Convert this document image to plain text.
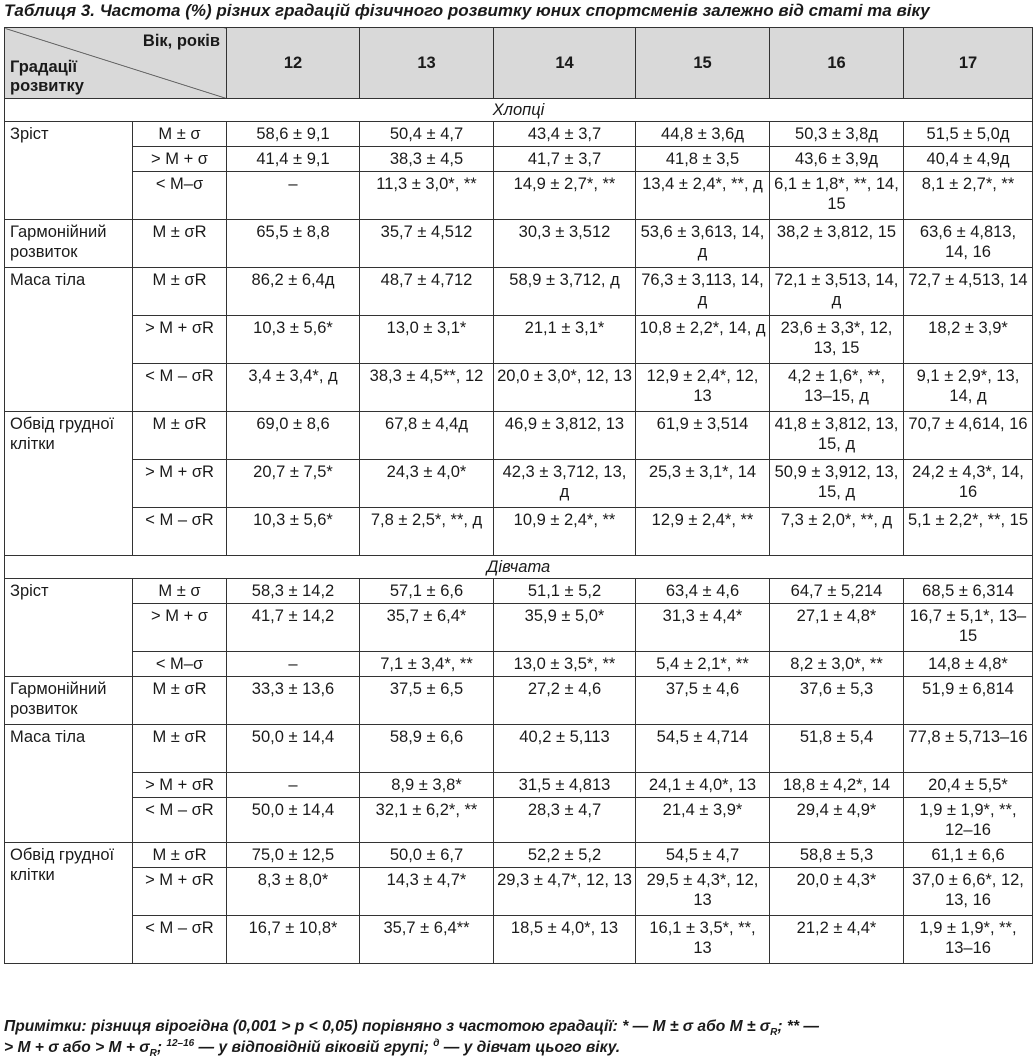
Таблиця 3. Частота (%) різних градацій фізичного розвитку юних спортсменів залежно від статі та віку
Вік, років
Градації
розвитку		12	13	14	15	16	17
Хлопці							
Зріст	M ± σ	58,6 ± 9,1	50,4 ± 4,7	43,4 ± 3,7	44,8 ± 3,6д	50,3 ± 3,8д	51,5 ± 5,0д
	> M + σ	41,4 ± 9,1	38,3 ± 4,5	41,7 ± 3,7	41,8 ± 3,5	43,6 ± 3,9д	40,4 ± 4,9д
	< M–σ	–	11,3 ± 3,0*, **	14,9 ± 2,7*, **	13,4 ± 2,4*, **, д	6,1 ± 1,8*, **, 14, 15	8,1 ± 2,7*, **
Гармонійний розвиток	M ± σR	65,5 ± 8,8	35,7 ± 4,512	30,3 ± 3,512	53,6 ± 3,613, 14, д	38,2 ± 3,812, 15	63,6 ± 4,813, 14, 16
Маса тіла	M ± σR	86,2 ± 6,4д	48,7 ± 4,712	58,9 ± 3,712, д	76,3 ± 3,113, 14, д	72,1 ± 3,513, 14, д	72,7 ± 4,513, 14
	> M + σR	10,3 ± 5,6*	13,0 ± 3,1*	21,1 ± 3,1*	10,8 ± 2,2*, 14, д	23,6 ± 3,3*, 12, 13, 15	18,2 ± 3,9*
	< M – σR	3,4 ± 3,4*, д	38,3 ± 4,5**, 12	20,0 ± 3,0*, 12, 13	12,9 ± 2,4*, 12, 13	4,2 ± 1,6*, **, 13–15, д	9,1 ± 2,9*, 13, 14, д
Обвід грудної клітки	M ± σR	69,0 ± 8,6	67,8 ± 4,4д	46,9 ± 3,812, 13	61,9 ± 3,514	41,8 ± 3,812, 13, 15, д	70,7 ± 4,614, 16
	> M + σR	20,7 ± 7,5*	24,3 ± 4,0*	42,3 ± 3,712, 13, д	25,3 ± 3,1*, 14	50,9 ± 3,912, 13, 15, д	24,2 ± 4,3*, 14, 16
	< M – σR	10,3 ± 5,6*	7,8 ± 2,5*, **, д	10,9 ± 2,4*, **	12,9 ± 2,4*, **	7,3 ± 2,0*, **, д	5,1 ± 2,2*, **, 15
Дівчата							
Зріст	M ± σ	58,3 ± 14,2	57,1 ± 6,6	51,1 ± 5,2	63,4 ± 4,6	64,7 ± 5,214	68,5 ± 6,314
	> M + σ	41,7 ± 14,2	35,7 ± 6,4*	35,9 ± 5,0*	31,3 ± 4,4*	27,1 ± 4,8*	16,7 ± 5,1*, 13–15
	< M–σ	–	7,1 ± 3,4*, **	13,0 ± 3,5*, **	5,4 ± 2,1*, **	8,2 ± 3,0*, **	14,8 ± 4,8*
Гармонійний розвиток	M ± σR	33,3 ± 13,6	37,5 ± 6,5	27,2 ± 4,6	37,5 ± 4,6	37,6 ± 5,3	51,9 ± 6,814
Маса тіла	M ± σR	50,0 ± 14,4	58,9 ± 6,6	40,2 ± 5,113	54,5 ± 4,714	51,8 ± 5,4	77,8 ± 5,713–16
	> M + σR	–	8,9 ± 3,8*	31,5 ± 4,813	24,1 ± 4,0*, 13	18,8 ± 4,2*, 14	20,4 ± 5,5*
	< M – σR	50,0 ± 14,4	32,1 ± 6,2*, **	28,3 ± 4,7	21,4 ± 3,9*	29,4 ± 4,9*	1,9 ± 1,9*, **, 12–16
Обвід грудної клітки	M ± σR	75,0 ± 12,5	50,0 ± 6,7	52,2 ± 5,2	54,5 ± 4,7	58,8 ± 5,3	61,1 ± 6,6
	> M + σR	8,3 ± 8,0*	14,3 ± 4,7*	29,3 ± 4,7*, 12, 13	29,5 ± 4,3*, 12, 13	20,0 ± 4,3*	37,0 ± 6,6*, 12, 13, 16
	< M – σR	16,7 ± 10,8*	35,7 ± 6,4**	18,5 ± 4,0*, 13	16,1 ± 3,5*, **, 13	21,2 ± 4,4*	1,9 ± 1,9*, **, 13–16
Примітки: різниця вірогідна (0,001 > p < 0,05) порівняно з частотою градації: * — M ± σ або $M \pm \sigma_R$; ** —
> M + σ або > $M + \sigma_R$; $^{12-16}$ — у відповідній віковій групі; $^д$ — у дівчат цього віку.
